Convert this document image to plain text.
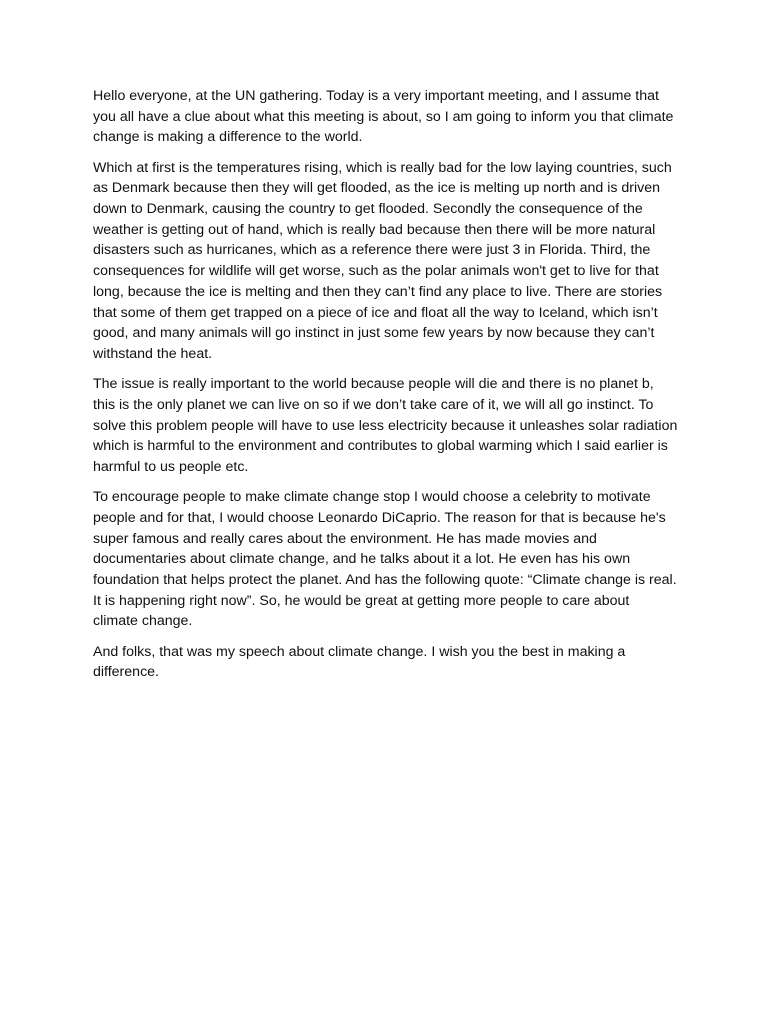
Hello everyone, at the UN gathering. Today is a very important meeting, and I assume that you all have a clue about what this meeting is about, so I am going to inform you that climate change is making a difference to the world.

Which at first is the temperatures rising, which is really bad for the low laying countries, such as Denmark because then they will get flooded, as the ice is melting up north and is driven down to Denmark, causing the country to get flooded. Secondly the consequence of the weather is getting out of hand, which is really bad because then there will be more natural disasters such as hurricanes, which as a reference there were just 3 in Florida. Third, the consequences for wildlife will get worse, such as the polar animals won't get to live for that long, because the ice is melting and then they can’t find any place to live. There are stories that some of them get trapped on a piece of ice and float all the way to Iceland, which isn’t good, and many animals will go instinct in just some few years by now because they can’t withstand the heat.

The issue is really important to the world because people will die and there is no planet b, this is the only planet we can live on so if we don’t take care of it, we will all go instinct. To solve this problem people will have to use less electricity because it unleashes solar radiation which is harmful to the environment and contributes to global warming which I said earlier is harmful to us people etc.

To encourage people to make climate change stop I would choose a celebrity to motivate people and for that, I would choose Leonardo DiCaprio. The reason for that is because he's super famous and really cares about the environment. He has made movies and documentaries about climate change, and he talks about it a lot. He even has his own foundation that helps protect the planet. And has the following quote: “Climate change is real. It is happening right now”. So, he would be great at getting more people to care about climate change.

And folks, that was my speech about climate change. I wish you the best in making a difference.
